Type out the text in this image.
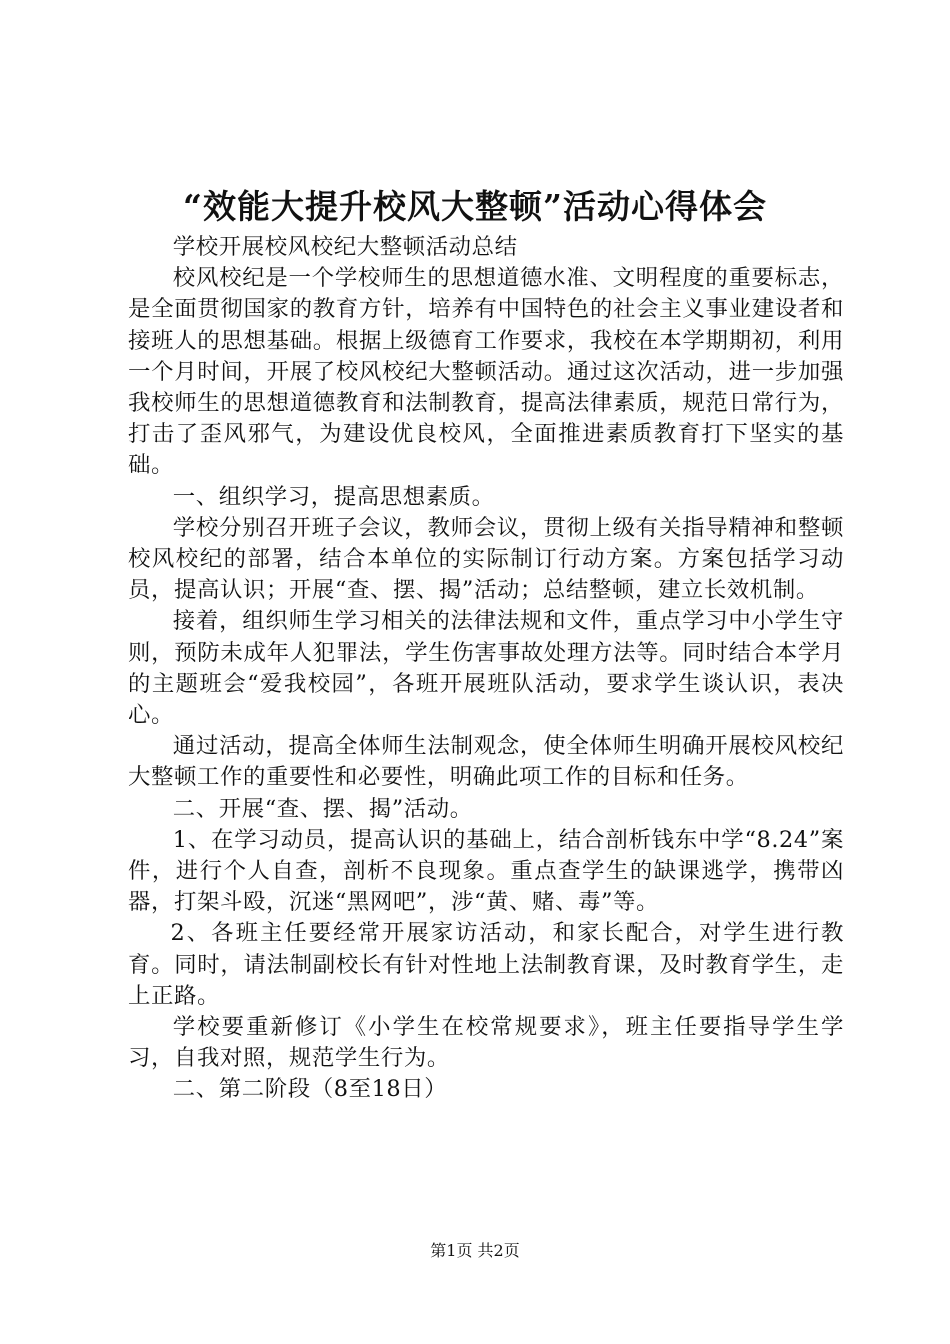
“效能大提升校风大整顿”活动心得体会

学校开展校风校纪大整顿活动总结

校风校纪是一个学校师生的思想道德水准、文明程度的重要标志，是全面贯彻国家的教育方针，培养有中国特色的社会主义事业建设者和接班人的思想基础。根据上级德育工作要求，我校在本学期期初，利用一个月时间，开展了校风校纪大整顿活动。通过这次活动，进一步加强我校师生的思想道德教育和法制教育，提高法律素质，规范日常行为，打击了歪风邪气，为建设优良校风，全面推进素质教育打下坚实的基础。

一、组织学习，提高思想素质。

学校分别召开班子会议，教师会议，贯彻上级有关指导精神和整顿校风校纪的部署，结合本单位的实际制订行动方案。方案包括学习动员，提高认识；开展“查、摆、揭”活动；总结整顿，建立长效机制。

接着，组织师生学习相关的法律法规和文件，重点学习中小学生守则，预防未成年人犯罪法，学生伤害事故处理方法等。同时结合本学月的主题班会“爱我校园”，各班开展班队活动，要求学生谈认识，表决心。

通过活动，提高全体师生法制观念，使全体师生明确开展校风校纪大整顿工作的重要性和必要性，明确此项工作的目标和任务。

二、开展“查、摆、揭”活动。

1、在学习动员，提高认识的基础上，结合剖析钱东中学“8.24”案件，进行个人自查，剖析不良现象。重点查学生的缺课逃学，携带凶器，打架斗殴，沉迷“黑网吧”，涉“黄、赌、毒”等。

2、各班主任要经常开展家访活动，和家长配合，对学生进行教育。同时，请法制副校长有针对性地上法制教育课，及时教育学生，走上正路。

学校要重新修订《小学生在校常规要求》，班主任要指导学生学习，自我对照，规范学生行为。

二、第二阶段（8至18日）

第1页 共2页
